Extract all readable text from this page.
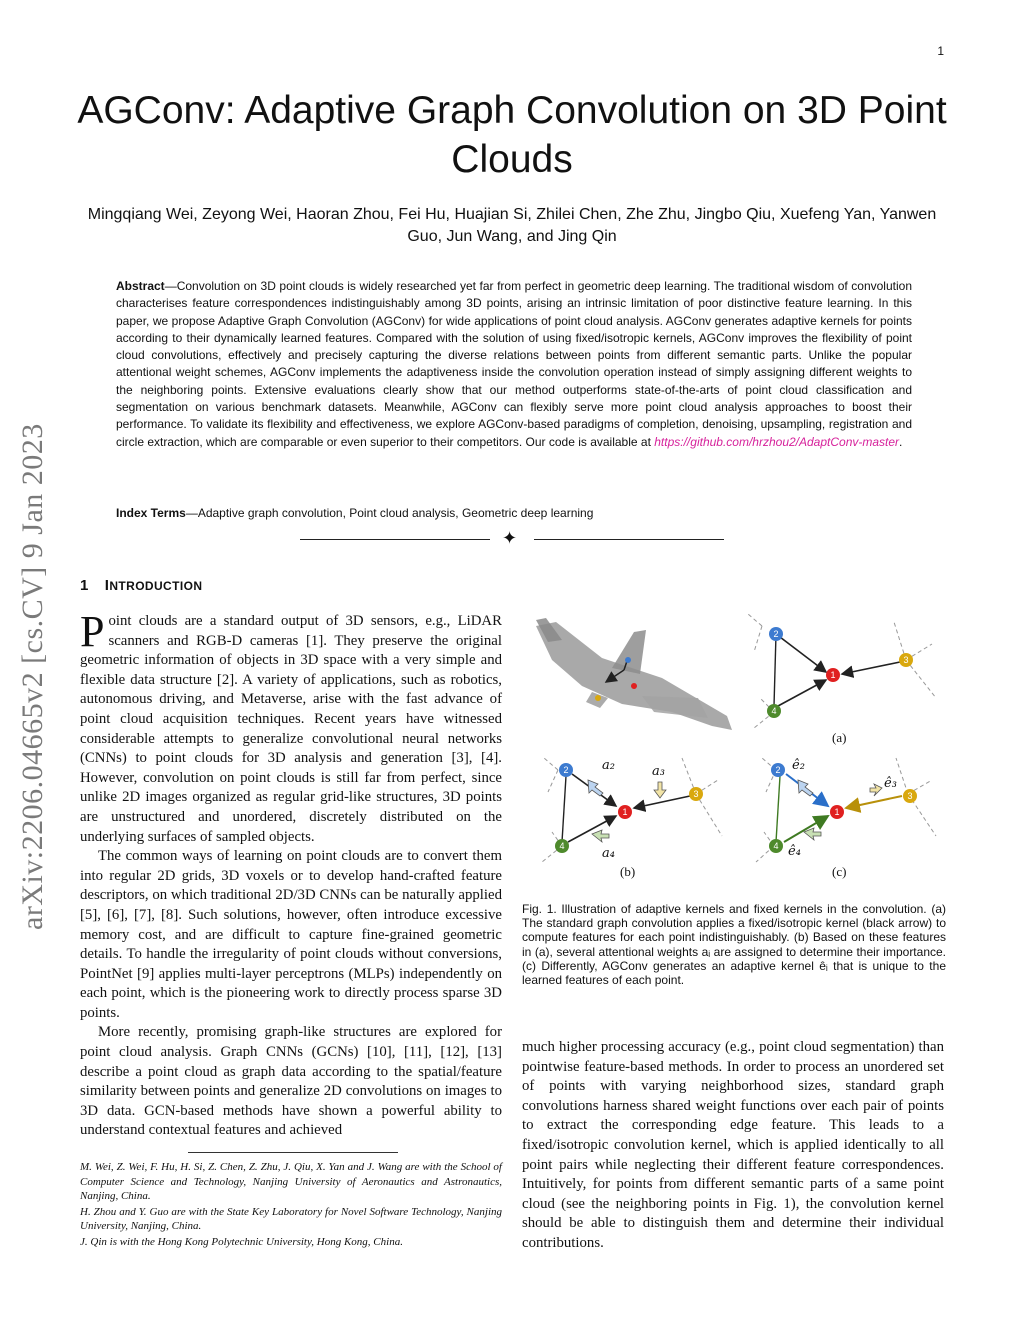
1
AGConv: Adaptive Graph Convolution on 3D Point Clouds
Mingqiang Wei, Zeyong Wei, Haoran Zhou, Fei Hu, Huajian Si, Zhilei Chen, Zhe Zhu, Jingbo Qiu, Xuefeng Yan, Yanwen Guo, Jun Wang, and Jing Qin
Abstract—Convolution on 3D point clouds is widely researched yet far from perfect in geometric deep learning. The traditional wisdom of convolution characterises feature correspondences indistinguishably among 3D points, arising an intrinsic limitation of poor distinctive feature learning. In this paper, we propose Adaptive Graph Convolution (AGConv) for wide applications of point cloud analysis. AGConv generates adaptive kernels for points according to their dynamically learned features. Compared with the solution of using fixed/isotropic kernels, AGConv improves the flexibility of point cloud convolutions, effectively and precisely capturing the diverse relations between points from different semantic parts. Unlike the popular attentional weight schemes, AGConv implements the adaptiveness inside the convolution operation instead of simply assigning different weights to the neighboring points. Extensive evaluations clearly show that our method outperforms state-of-the-arts of point cloud classification and segmentation on various benchmark datasets. Meanwhile, AGConv can flexibly serve more point cloud analysis approaches to boost their performance. To validate its flexibility and effectiveness, we explore AGConv-based paradigms of completion, denoising, upsampling, registration and circle extraction, which are comparable or even superior to their competitors. Our code is available at https://github.com/hrzhou2/AdaptConv-master.
Index Terms—Adaptive graph convolution, Point cloud analysis, Geometric deep learning
✦
arXiv:2206.04665v2 [cs.CV] 9 Jan 2023 1 INTRODUCTION

Point clouds are a standard output of 3D sensors, e.g., LiDAR scanners and RGB-D cameras [1]. They preserve the original geometric information of objects in 3D space with a very simple and flexible data structure [2]. A variety of applications, such as robotics, autonomous driving, and Metaverse, arise with the fast advance of point cloud acquisition techniques. Recent years have witnessed considerable attempts to generalize convolutional neural networks (CNNs) to point clouds for 3D analysis and generation [3], [4]. However, convolution on point clouds is still far from perfect, since unlike 2D images organized as regular grid-like structures, 3D points are unstructured and unordered, discretely distributed on the underlying surfaces of sampled objects.

The common ways of learning on point clouds are to convert them into regular 2D grids, 3D voxels or to develop hand-crafted feature descriptors, on which traditional 2D/3D CNNs can be naturally applied [5], [6], [7], [8]. Such solutions, however, often introduce excessive memory cost, and are difficult to capture fine-grained geometric details. To handle the irregularity of point clouds without conversions, PointNet [9] applies multi-layer perceptrons (MLPs) independently on each point, which is the pioneering work to directly process sparse 3D points.

More recently, promising graph-like structures are explored for point cloud analysis. Graph CNNs (GCNs) [10], [11], [12], [13] describe a point cloud as graph data according to the spatial/feature similarity between points and generalize 2D convolutions on images to 3D data. GCN-based methods have shown a powerful ability to understand contextual features and achieved

M. Wei, Z. Wei, F. Hu, H. Si, Z. Chen, Z. Zhu, J. Qiu, X. Yan and J. Wang are with the School of Computer Science and Technology, Nanjing University of Aeronautics and Astronautics, Nanjing, China.

H. Zhou and Y. Guo are with the State Key Laboratory for Novel Software Technology, Nanjing University, Nanjing, China.

J. Qin is with the Hong Kong Polytechnic University, Hong Kong, China.

much higher processing accuracy (e.g., point cloud segmentation) than pointwise feature-based methods. In order to process an unordered set of points with varying neighborhood sizes, standard graph convolutions harness shared weight functions over each pair of points to extract the corresponding edge feature. This leads to a fixed/isotropic convolution kernel, which is applied identically to all point pairs while neglecting their different feature correspondences. Intuitively, for points from different semantic parts of a same point cloud (see the neighboring points in Fig. 1), the convolution kernel should be able to distinguish them and determine their individual contributions.

2
1
3
4
(a)
2
1
3
4
a₂	a₃
a₄
(b)
2
1
3
4
ê₂
ê₃
ê₄
(c)
Fig. 1. Illustration of adaptive kernels and fixed kernels in the convolution. (a) The standard graph convolution applies a fixed/isotropic kernel (black arrow) to compute features for each point indistinguishably. (b) Based on these features in (a), several attentional weights aᵢ are assigned to determine their importance. (c) Differently, AGConv generates an adaptive kernel êᵢ that is unique to the learned features of each point.
